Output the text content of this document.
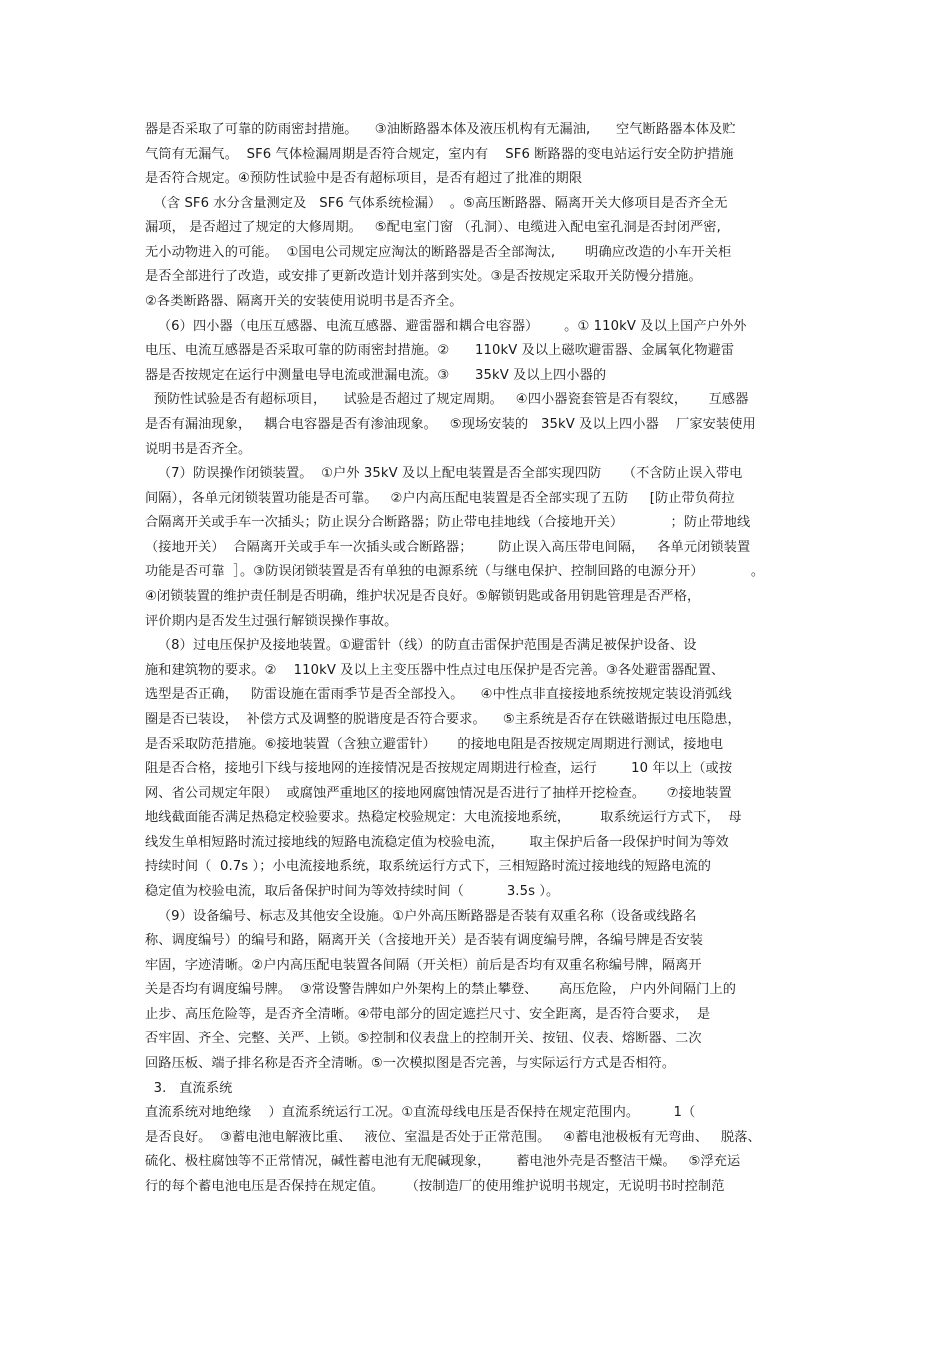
器是否采取了可靠的防雨密封措施。    ③油断路器本体及液压机构有无漏油,      空气断路器本体及贮
气筒有无漏气。  SF6 气体检漏周期是否符合规定，室内有    SF6 断路器的变电站运行安全防护措施
是否符合规定。④预防性试验中是否有超标项目，是否有超过了批准的期限
（含 SF6 水分含量测定及   SF6 气体系统检漏）  。⑤高压断路器、隔离开关大修项目是否齐全无
漏项， 是否超过了规定的大修周期。   ⑤配电室门窗 （孔洞）、电缆进入配电室孔洞是否封闭严密,
无小动物进入的可能。  ①国电公司规定应淘汰的断路器是否全部淘汰,       明确应改造的小车开关柜
是否全部进行了改造，或安排了更新改造计划并落到实处。③是否按规定采取开关防慢分措施。
②各类断路器、隔离开关的安装使用说明书是否齐全。
（6）四小器（电压互感器、电流互感器、避雷器和耦合电容器）      。① 110kV 及以上国产户外外
电压、电流互感器是否采取可靠的防雨密封措施。②      110kV 及以上磁吹避雷器、金属氧化物避雷
器是否按规定在运行中测量电导电流或泄漏电流。③      35kV 及以上四小器的
预防性试验是否有超标项目，    试验是否超过了规定周期。   ④四小器瓷套管是否有裂纹，     互感器
是否有漏油现象，   耦合电容器是否有渗油现象。   ⑤现场安装的   35kV 及以上四小器    厂家安装使用
说明书是否齐全。
（7）防误操作闭锁装置。  ①户外 35kV 及以上配电装置是否全部实现四防     （不含防止误入带电
间隔），各单元闭锁装置功能是否可靠。   ②户内高压配电装置是否全部实现了五防     [防止带负荷拉
合隔离开关或手车一次插头；防止误分合断路器；防止带电挂地线（合接地开关）           ；防止带地线
（接地开关）  合隔离开关或手车一次插头或合断路器；      防止误入高压带电间隔，   各单元闭锁装置
功能是否可靠  ］。③防误闭锁装置是否有单独的电源系统（与继电保护、控制回路的电源分开）           。
④闭锁装置的维护责任制是否明确，维护状况是否良好。⑤解锁钥匙或备用钥匙管理是否严格，
评价期内是否发生过强行解锁误操作事故。
（8）过电压保护及接地装置。①避雷针（线）的防直击雷保护范围是否满足被保护设备、设
施和建筑物的要求。②    110kV 及以上主变压器中性点过电压保护是否完善。③各处避雷器配置、
选型是否正确，   防雷设施在雷雨季节是否全部投入。    ④中性点非直接接地系统按规定装设消弧线
圈是否已装设，  补偿方式及调整的脱谐度是否符合要求。    ⑤主系统是否存在铁磁谐振过电压隐患，
是否采取防范措施。⑥接地装置（含独立避雷针）     的接地电阻是否按规定周期进行测试，接地电
阻是否合格，接地引下线与接地网的连接情况是否按规定周期进行检查，运行        10 年以上（或按
网、省公司规定年限）  或腐蚀严重地区的接地网腐蚀情况是否进行了抽样开挖检查。     ⑦接地装置
地线截面能否满足热稳定校验要求。热稳定校验规定：大电流接地系统，       取系统运行方式下，  母
线发生单相短路时流过接地线的短路电流稳定值为校验电流，      取主保护后备一段保护时间为等效
持续时间（  0.7s ）；小电流接地系统，取系统运行方式下，三相短路时流过接地线的短路电流的
稳定值为校验电流，取后备保护时间为等效持续时间（          3.5s ）。
（9）设备编号、标志及其他安全设施。①户外高压断路器是否装有双重名称（设备或线路名
称、调度编号）的编号和路，隔离开关（含接地开关）是否装有调度编号牌，各编号牌是否安装
牢固，字迹清晰。②户内高压配电装置各间隔（开关柜）前后是否均有双重名称编号牌，隔离开
关是否均有调度编号牌。  ③常设警告牌如户外架构上的禁止攀登、     高压危险， 户内外间隔门上的
止步、高压危险等，是否齐全清晰。④带电部分的固定遮拦尺寸、安全距离，是否符合要求，  是
否牢固、齐全、完整、关严、上锁。⑤控制和仪表盘上的控制开关、按钮、仪表、熔断器、二次
回路压板、端子排名称是否齐全清晰。⑤一次模拟图是否完善，与实际运行方式是否相符。
3.   直流系统
直流系统对地绝缘    ）直流系统运行工况。①直流母线电压是否保持在规定范围内。        1（
是否良好。  ③蓄电池电解液比重、   液位、室温是否处于正常范围。   ④蓄电池极板有无弯曲、   脱落、
硫化、极柱腐蚀等不正常情况，碱性蓄电池有无爬碱现象，      蓄电池外壳是否整洁干燥。   ⑤浮充运
行的每个蓄电池电压是否保持在规定值。     （按制造厂的使用维护说明书规定，无说明书时控制范
